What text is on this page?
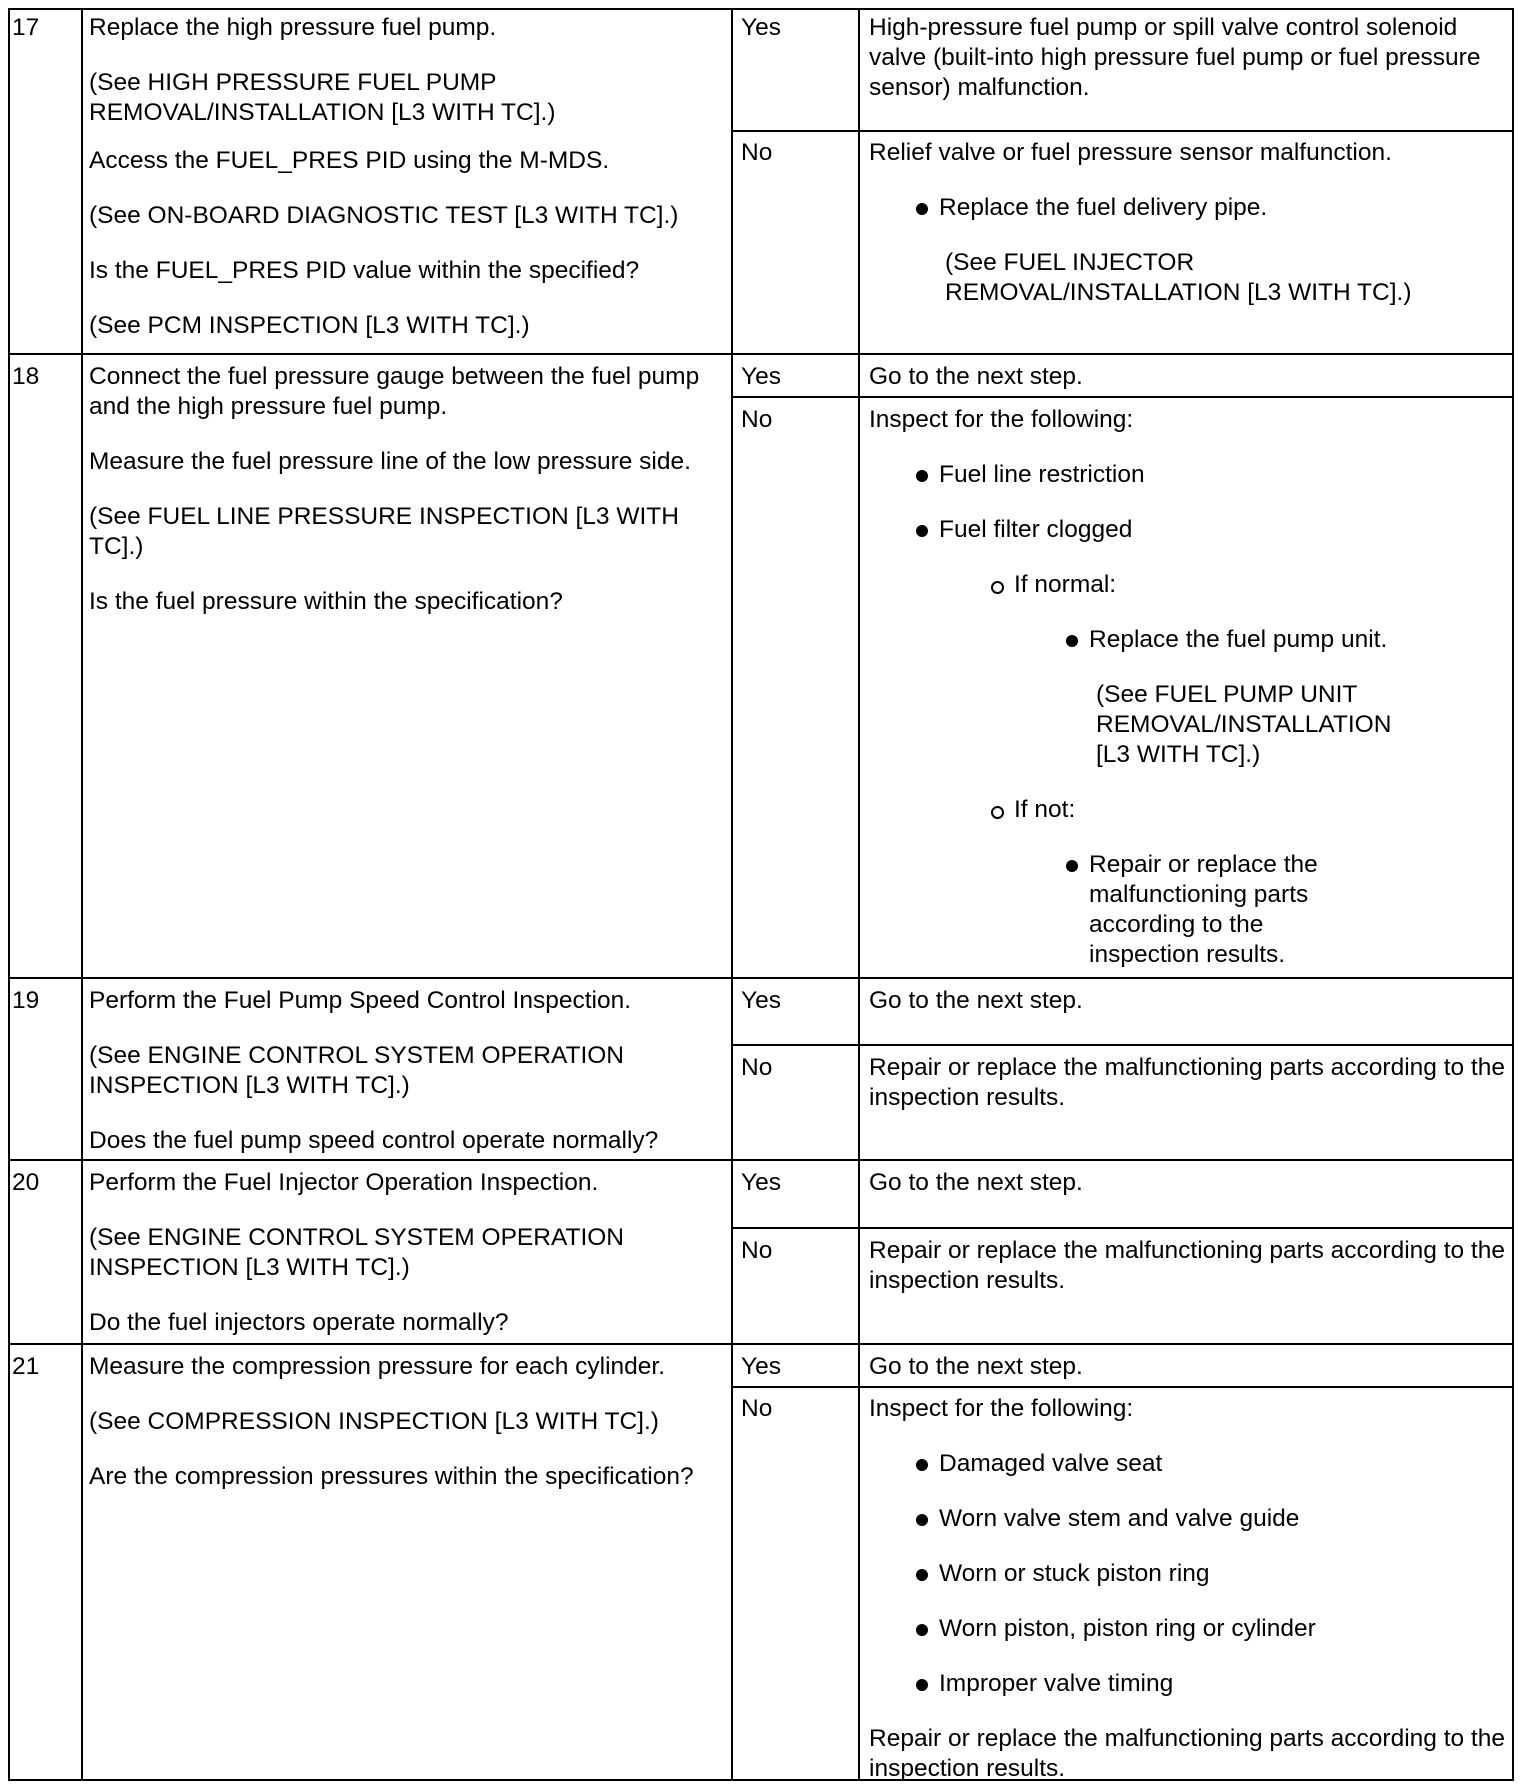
17 Replace the high pressure fuel pump.

(See HIGH PRESSURE FUEL PUMP REMOVAL/INSTALLATION [L3 WITH TC].)

Access the FUEL_PRES PID using the M-MDS.

(See ON-BOARD DIAGNOSTIC TEST [L3 WITH TC].)

Is the FUEL_PRES PID value within the specified?

(See PCM INSPECTION [L3 WITH TC].)

Yes	High-pressure fuel pump or spill valve control solenoid valve (built-into high pressure fuel pump or fuel pressure sensor) malfunction.
No	Relief valve or fuel pressure sensor malfunction.

Replace the fuel delivery pipe.

(See FUEL INJECTOR REMOVAL/INSTALLATION [L3 WITH TC].)

18 Connect the fuel pressure gauge between the fuel pump and the high pressure fuel pump.

Measure the fuel pressure line of the low pressure side.

(See FUEL LINE PRESSURE INSPECTION [L3 WITH TC].)

Is the fuel pressure within the specification?

Yes	Go to the next step.
No	Inspect for the following:

Fuel line restriction
Fuel filter clogged
If normal:
Replace the fuel pump unit.

(See FUEL PUMP UNIT REMOVAL/INSTALLATION [L3 WITH TC].)

If not:
Repair or replace the malfunctioning parts according to the inspection results.
19 Perform the Fuel Pump Speed Control Inspection.

(See ENGINE CONTROL SYSTEM OPERATION INSPECTION [L3 WITH TC].)

Does the fuel pump speed control operate normally?

Yes	Go to the next step.
No	Repair or replace the malfunctioning parts according to the inspection results.
20 Perform the Fuel Injector Operation Inspection.

(See ENGINE CONTROL SYSTEM OPERATION INSPECTION [L3 WITH TC].)

Do the fuel injectors operate normally?

Yes	Go to the next step.
No	Repair or replace the malfunctioning parts according to the inspection results.
21 Measure the compression pressure for each cylinder.

(See COMPRESSION INSPECTION [L3 WITH TC].)

Are the compression pressures within the specification?

Yes	Go to the next step.
No	Inspect for the following:

Damaged valve seat
Worn valve stem and valve guide
Worn or stuck piston ring
Worn piston, piston ring or cylinder
Improper valve timing

Repair or replace the malfunctioning parts according to the inspection results.
